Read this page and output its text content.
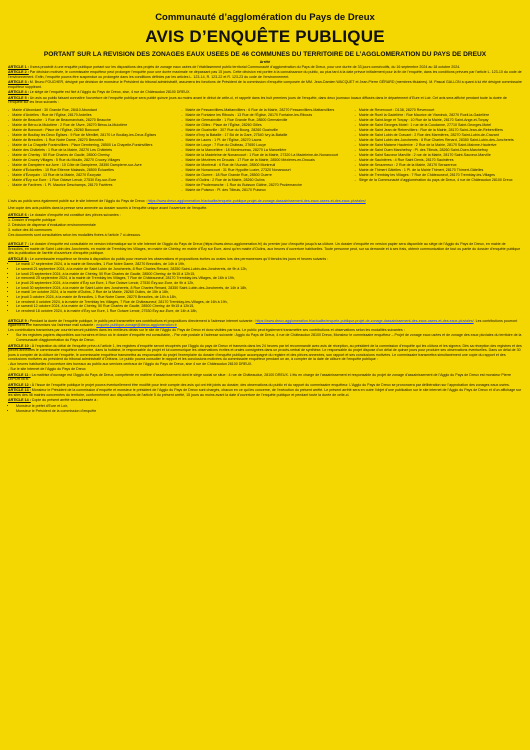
Communauté d’agglomération du Pays de Dreux
AVIS D’ENQUÊTE PUBLIQUE
PORTANT SUR LA REVISION DES ZONAGES EAUX USEES DE 46 COMMUNES DU TERRITOIRE DE L’AGGLOMERATION DU PAYS DE DREUX
Arrêté
ARTICLE 1 : Il sera procédé à une enquête publique portant sur les dispositions des projets de zonage eaux usées de l’établissement public territorial Communauté d’agglomération du Pays de Dreux, pour une durée de 33 jours consécutifs, du 16 septembre 2024 au 18 octobre 2024.
ARTICLE 2 : Par décision motivée, le commissaire enquêteur peut prolonger l’enquête pour une durée maximale ne dépassant pas 15 jours. Cette décision est portée à la connaissance du public, au plus tard à la date prévue initialement pour la fin de l’enquête, dans les conditions prévues par l’article L. 123-10 du code de l’environnement. Enfin, l’enquête pourra être suspendue ou prolongée dans les conditions définies par les articles L. 123-14, R. 123-22 et R. 123-23 du code de l’environnement.
ARTICLE 3 : M. Bruno FOUCHER, désigné par décision de monsieur le Président du tribunal administratif, assumera les fonctions de Président de la commission d’enquête composée de MM. Jean-Damien WACQUET et Jean-Pierre GÉRARD (membres titulaires). M. Pascal GALLON a quant à lui été désigné commissaire enquêteur suppléant.
ARTICLE 4 : Le siège de l’enquête est fixé à l’Agglo du Pays de Dreux, sise, 4 rue de Châteaudun 28100 DREUX.
ARTICLE 5 : Un avis au public faisant connaître l’ouverture de l’enquête publique sera publié quinze jours au moins avant le début de celle-ci, et rappelé dans les huit premiers jours de l’enquête, dans deux journaux locaux diffusés dans le département d’Eure et Loir. Cet avis sera affiché pendant toute la durée de l’enquête sur les lieux suivants :
- Mairie d’Abondant : 30 Grande Rue, 28410 Abondant
- Mairie d’Ardelles : Rue de l’Église, 28170 Ardelles
- Mairie de Beauche : 1 Rue de Beaumarchais, 28270 Beauche
- Mairie de Bérou la Mulotière : 2 Rue de l’Avre, 28270 Bérou-la-Mulotière
- Mairie de Boncourt : Place de l’Église, 28260 Boncourt
- Mairie de Boullay les Deux Églises : 9 Rue de Ménillet, 28170 Le Boullay-les-Deux-Églises
- Mairie de Brezolles : 1 Rue Notre Dame, 28270 Brezolles
- Mairie de La Chapelle Forainvilliers : Place Dembering, 28500 La Chapelle-Forainvilliers
- Mairie des Châtelets : 1 Rue de la Mairie, 28270 Les Châtelets
- Mairie de Cherisy : 50 Rue Charles de Gaulle, 28500 Cherisy
- Mairie de Crucey Villages : 5 Rue du Moulin, 28270 Crucey-Villages
- Mairie de Dampierre sur Avre : 10 Côte de Dampierre, 28350 Dampierre-sur-Avre
- Mairie d’Écluzelles : 10 Rue Etienne Malassis, 28500 Écluzelles
- Mairie d’Ézorpain : 13 Rue de la Mairie, 28270 Ézorpain
- Mairie d’Ézy sur Eure : 1 Rue Octave Lenoir, 27530 Ézy-sur-Eure
- Mairie de Favières : 1 Pl. Maurice Deschamps, 28170 Favières
- Mairie de Fessanvilliers-Mattanvilliers : 6 Rue de la Mairie, 28270 Fessanvilliers-Mattanvilliers
- Mairie de Fontaine les Ribouts : 13 Rue de l’Église, 28170 Fontaine-les-Ribouts
- Mairie de Germainville : 1 Rue Grande Rue, 28500 Germainville
- Mairie de Gilles : Place de l’Église, 28260 Gilles
- Mairie de Guainville : 307 Rue du Bourg, 28260 Guainville
- Mairie d’Ivry la Bataille : 17 Bd de la Gare, 27540 Ivry-la-Bataille
- Mairie de Laons : 1 Pl. de l’Église, 28270 Laons
- Mairie de Louye : 7 Rue du Château, 27650 Louye
- Mairie de la Mancelière : 18 Montmureau, 28270 La Mancelière
- Mairie de la Madeleine de Nonancourt : 1 Rue de la Mairie, 27320 La Madeleine-de-Nonancourt
- Mairie de Mézières en Drouais : 17 Rue de la Mairie, 28500 Mézières-en-Drouais
- Mairie de Montreuil : 6 Rue de l’Aunaie, 28500 Montreuil
- Mairie de Nonancourt : 31 Rue Hypolite Lozier, 27320 Nonancourt
- Mairie de Ouerre : 18 Rue Grande Rue, 28500 Ouerre
- Mairie d’Oulins : 2 Rue de la Mairie, 28260 Oulins
- Mairie de Prudemanche : 1 Rue du Buisson Gâtine, 28270 Prudemanche
- Mairie de Puiseux : Pl. des Tilleuls, 28170 Puiseux
- Mairie de Revercourt : D138, 28270 Revercourt
- Mairie de Rueil la Gadelière : Rue Maurice de Vlaminck, 28270 Rueil-la-Gadelière
- Mairie de Saint Ange et Torçay : 10 Rue de la Mairie, 28170 Saint-Ange-et-Torçay
- Mairie de Saint Georges Motel : 1 rue de la Coudanne, 27710 Saint-Georges-Motel
- Mairie de Saint Jean de Rebervilliers : Rue de la Mairie, 28170 Saint-Jean-de-Rebervilliers
- Mairie de Saint Lubin de Cravant : 2 Rue des Marmières, 28270 Saint-Lubin-de-Cravant
- Mairie de Saint Lubin des Joncherets : 8 Rue Charles Renard, 28350 Saint-Lubin-des-Joncherets
- Mairie de Saint Maixme Hauterive : 2 Rue de la Mairie, 28170 Saint-Maixme-Hauterive
- Mairie de Saint Ouen Marchefroy : Pl. des Tilleuls, 28260 Saint-Ouen-Marchefroy
- Mairie de Saint Sauveur Marville : 2 rue de la Mairie, 28170 Saint-Sauveur-Marville
- Mairie de Saulnières : 4 Rue Saint Denis, 28170 Saulnières
- Mairie de Serazereux : 2 Rue de la Mairie, 28170 Serazereux
- Mairie de Thimert Gâtelles : 1 Pl. de la Mairie Thimert, 28170 Thimert-Gâtelles
- Mairie de Tremblay les Villages : 7 Rue de Châteauneuf, 28170 Tremblay-les-Villages
- Siège de la Communauté d’agglomération du pays de Dreux, 4 rue de Châteaudun 28100 Dreux
L’avis au public sera également publié sur le site Internet de l’Agglo du Pays de Dreux : https://www.dreux-agglomeration.fr/actualite/enquete-publique-projet-de-zonage-dassainissement-des-eaux-usees-et-des-eaux-pluviales/
Une copie des avis publiés dans la presse sera annexée au dossier soumis à l’enquête unique avant l’ouverture de l’enquête.
ARTICLE 6 : Le dossier d’enquête est constitué des pièces suivantes :
1. Dossier d’enquête publique
2. Décision de dispense d’évaluation environnementale
3. notice des 46 communes
Ces documents sont consultables selon les modalités fixées à l’article 7 ci-dessous.
ARTICLE 7 : Le dossier d’enquête est consultable en version informatique sur le site Internet de l’Agglo du Pays de Dreux (https://www.dreux-agglomeration.fr/) du premier jour d’enquête jusqu’à sa clôture. Un dossier d’enquête en version papier sera disponible au siège de l’Agglo du Pays de Dreux, en mairie de Brezolles, en mairie de Saint Lubin des Joncherets, en mairie de Tremblay les Villages, en mairie de Chérisy, en mairie d’Ézy sur Eure, ainsi qu’en mairie d’Oulins, aux heures d’ouverture habituelles. Toute personne peut, sur sa demande et à ses frais, obtenir communication de tout ou partie du dossier d’enquête publique dès la publication de l’arrêté d’ouverture d’enquête publique.
ARTICLE 8 : Le commissaire enquêteur se tiendra à disposition du public pour recevoir les observations et propositions écrites ou orales lors des permanences qu’il tiendra les jours et heures suivants :
• Le mardi 17 septembre 2024, à la mairie de Brezolles, 1 Rue Notre Dame, 28270 Brezolles, de 14h à 19h,
• Le samedi 21 septembre 2024, à la mairie de Saint Lubin de Joncherets, 8 Rue Charles Renard, 28350 Saint-Lubin-des-Joncherets, de 9h à 12h,
• Le lundi 23 septembre 2024, à la mairie de Chérisy, 50 Rue Charles de Gaulle, 28500 Cherisy, de 9h15 à 12h15,
• Le mercredi 25 septembre 2024, à la mairie de Tremblay les Villages, 7 Rue de Châteauneuf, 28170 Tremblay-les-Villages, de 16h à 19h,
• Le jeudi 26 septembre 2024, à la mairie d’Ézy sur Eure, 1 Rue Octave Lenoir, 27530 Ézy-sur-Eure, de 9h à 12h,
• Le lundi 30 septembre 2024, à la mairie de Saint Lubin des Joncherets, 8 Rue Charles Renard, 28350 Saint-Lubin-des-Joncherets, de 14h à 18h,
• Le mardi 1er octobre 2024, à la mairie d’Oulins, 2 Rue de la Mairie, 28260 Oulins, de 15h à 18h,
• Le jeudi 3 octobre 2024, à la mairie de Brezolles, 1 Rue Notre Dame, 28270 Brezolles, de 14h à 18h,
• Le vendredi 4 octobre 2024, à la mairie de Tremblay les Villages, 7 Rue de Châteauneuf, 28170 Tremblay-les-Villages, de 16h à 19h,
• Le samedi 12 octobre 2024, à la mairie de Chérisy, 50 Rue Charles de Gaulle, 28500 Cherisy, de 9h15 à 12h15,
• Le vendredi 18 octobre 2024, à la mairie d’Ézy sur Eure, 1 Rue Octave Lenoir, 27530 Ézy-sur-Eure, de 14h à 18h,
ARTICLE 9 : Pendant la durée de l’enquête publique, le public peut transmettre ses contributions et propositions directement à l’adresse internet suivante : https://www.dreux-agglomeration.fr/actualite/enquete-publique-projet-de-zonage-dassainissement-des-eaux-usees-et-des-eaux-pluviales/. Les contributions pourront également être transmises via l’adresse mail suivante : enquete-publique-zonage@dreux-agglomeration.fr
Les contributions transmises par courriel seront publiées dans les meilleurs délais sur le site de l’Agglo du Pays de Dreux et donc visibles par tous. Le public peut également transmettre ses contributions et observations selon les modalités suivantes :
• Sur les registres papiers disponibles aux horaires et lieux où le dossier d’enquête est consultable, - Par voie postale à l’adresse suivante : Agglo du Pays de Dreux, 4 rue de Châteaudun 28100 Dreux, Monsieur le commissaire enquêteur – Projet de zonage eaux usées et de zonage des eaux pluviales du territoire de la Communauté d’agglomération du Pays de Dreux.
ARTICLE 10 : À l’expiration du délai de l’enquête prévu à l’article 1, les registres d’enquête seront récupérés par l’Agglo du pays de Dreux et transmis dans les 24 heures par tel recommandé avec avis de réception, au président de la commission d’enquête qui les clôtura et les signera. Dès sa réception des registres et des pièces annexées le commissaire enquêteur rencontre, dans la huitaine, le responsable du projet et lui communique les observations écrites et orales consignées dans un procès-verbal de synthèse. Le responsable du projet dispose d’un délai de quinze jours pour produire ses observations éventuelles. Dans un délai de 30 jours à compter de la clôture de l’enquête, le commissaire enquêteur transmettra au responsable du projet l’exemplaire du dossier d’enquête publique accompagné du registre et des pièces annexées, son rapport et ses conclusions motivées. Le commissaire transmettra simultanément une copie du rapport et des conclusions motivées au président du tribunal administratif d’Orléans. Le public pourra consulter le rapport et les conclusions motivées du commissaire enquêteur pendant un an, à compter de la date de clôture de l’enquête publique :
- Aux heures habituelles d’ouverture des bureaux au public aux services centraux de l’Agglo du Pays de Dreux, sise 4 rue de Châteaudun 28100 DREUX.
- Sur le site Internet de l’Agglo du Pays de Dreux
ARTICLE 11 : La maîtrise d’ouvrage est l’Agglo du Pays de Dreux, compétente en matière d’assainissement dont le siège social se situe : 4 rue de Châteaudun, 28100 DREUX. L’élu en charge de l’assainissement et responsable du projet de zonage d’assainissement de l’Agglo du Pays de Dreux est monsieur Pierre LEPORTIER.
ARTICLE 12 : À l’issue de l’enquête publique le projet pourra éventuellement être modifié pour tenir compte des avis qui ont été joints au dossier, des observations du public et du rapport du commissaire enquêteur. L’Agglo du Pays de Dreux se prononcera par délibération sur l’approbation des zonages eaux usées.
ARTICLE 13 : Monsieur le Président de la commission d’enquête et monsieur le président de l’Agglo du Pays de Dreux sont chargés, chacun en ce qui les concerne, de l’exécution du présent arrêté. Le présent arrêté sera en outre l’objet d’une publication sur le site internet de l’Agglo du Pays de Dreux et d’un affichage sur les sites des 46 mairies concernées du territoire, conformément aux dispositions de l’article 5 du présent arrêté, 15 jours au moins avant la date d’ouverture de l’enquête publique et pendant toute la durée de celle-ci.
ARTICLE 14 : Copie du présent arrêté sera adressée à :
• Monsieur le préfet d’Eure et Loir,
• Monsieur le Président de la commission d’enquête
